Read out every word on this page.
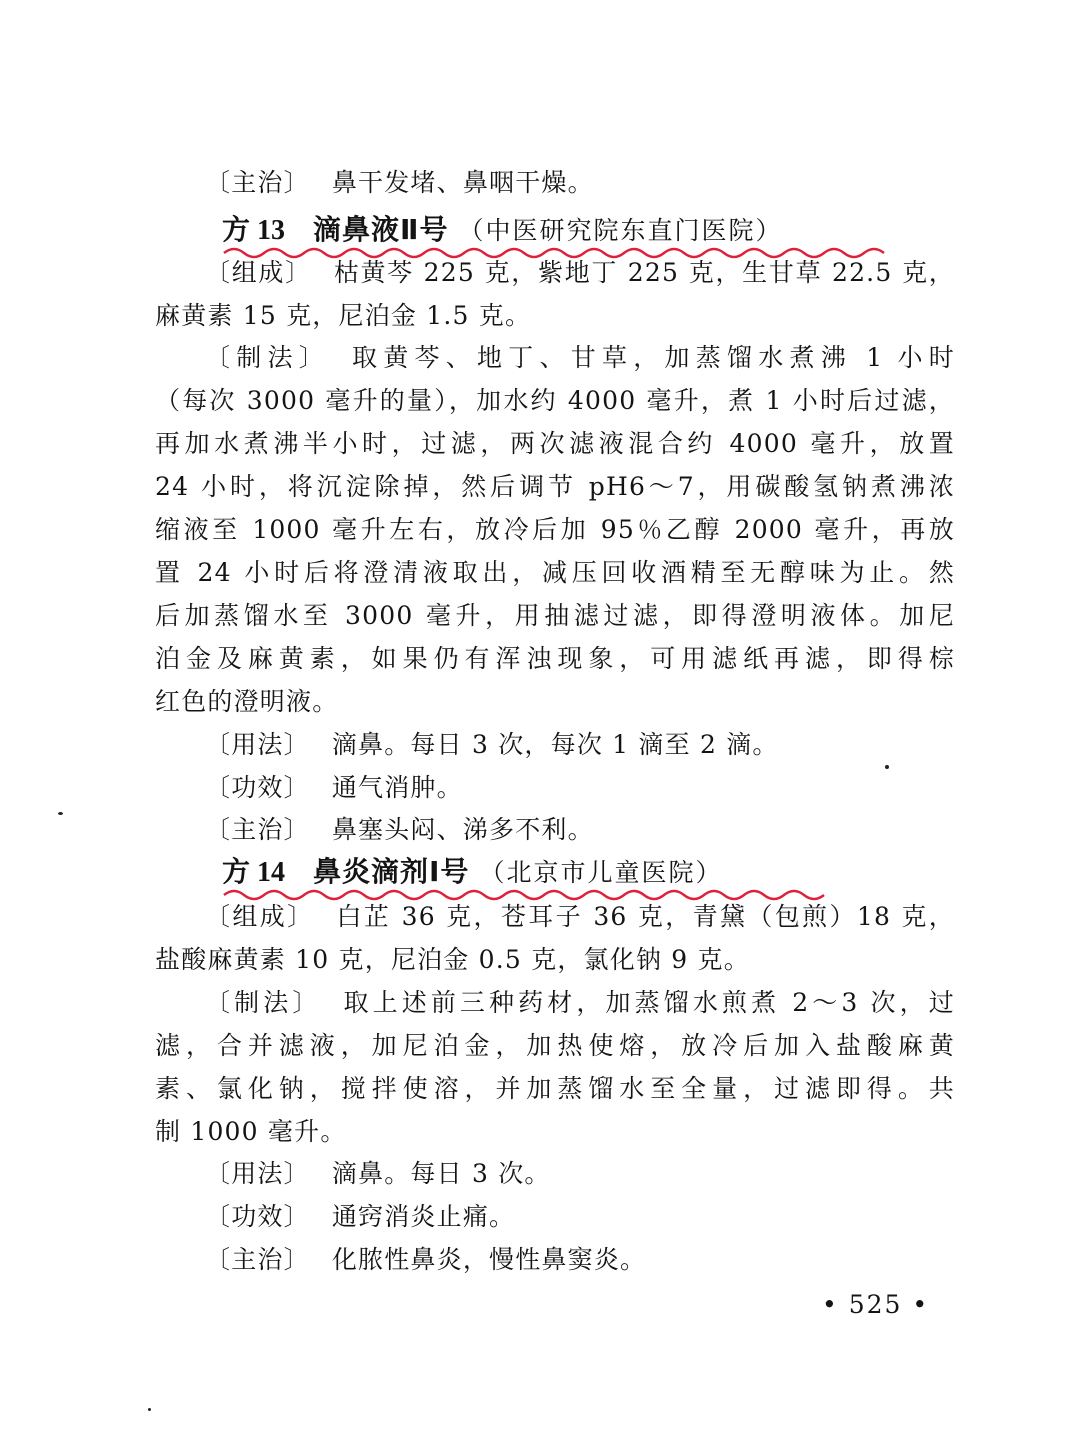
〔主治〕 鼻干发堵、鼻咽干燥。
方 13 滴鼻液Ⅱ号 （中医研究院东直门医院）
〔组成〕 枯黄芩 225 克，紫地丁 225 克，生甘草 22.5 克，
麻黄素 15 克，尼泊金 1.5 克。
〔制法〕 取黄芩、地丁、甘草，加蒸馏水煮沸 1 小时
（每次 3000 毫升的量），加水约 4000 毫升，煮 1 小时后过滤，
再加水煮沸半小时，过滤，两次滤液混合约 4000 毫升，放置
24 小时，将沉淀除掉，然后调节 pH6～7，用碳酸氢钠煮沸浓
缩液至 1000 毫升左右，放冷后加 95％乙醇 2000 毫升，再放
置 24 小时后将澄清液取出，减压回收酒精至无醇味为止。然
后加蒸馏水至 3000 毫升，用抽滤过滤，即得澄明液体。加尼
泊金及麻黄素，如果仍有浑浊现象，可用滤纸再滤，即得棕
红色的澄明液。
〔用法〕 滴鼻。每日 3 次，每次 1 滴至 2 滴。
〔功效〕 通气消肿。
〔主治〕 鼻塞头闷、涕多不利。
方 14 鼻炎滴剂Ⅰ号 （北京市儿童医院）
〔组成〕 白芷 36 克，苍耳子 36 克，青黛（包煎）18 克，
盐酸麻黄素 10 克，尼泊金 0.5 克，氯化钠 9 克。
〔制法〕 取上述前三种药材，加蒸馏水煎煮 2～3 次，过
滤，合并滤液，加尼泊金，加热使熔，放冷后加入盐酸麻黄
素、氯化钠，搅拌使溶，并加蒸馏水至全量，过滤即得。共
制 1000 毫升。
〔用法〕 滴鼻。每日 3 次。
〔功效〕 通窍消炎止痛。
〔主治〕 化脓性鼻炎，慢性鼻窦炎。
• 525 •
